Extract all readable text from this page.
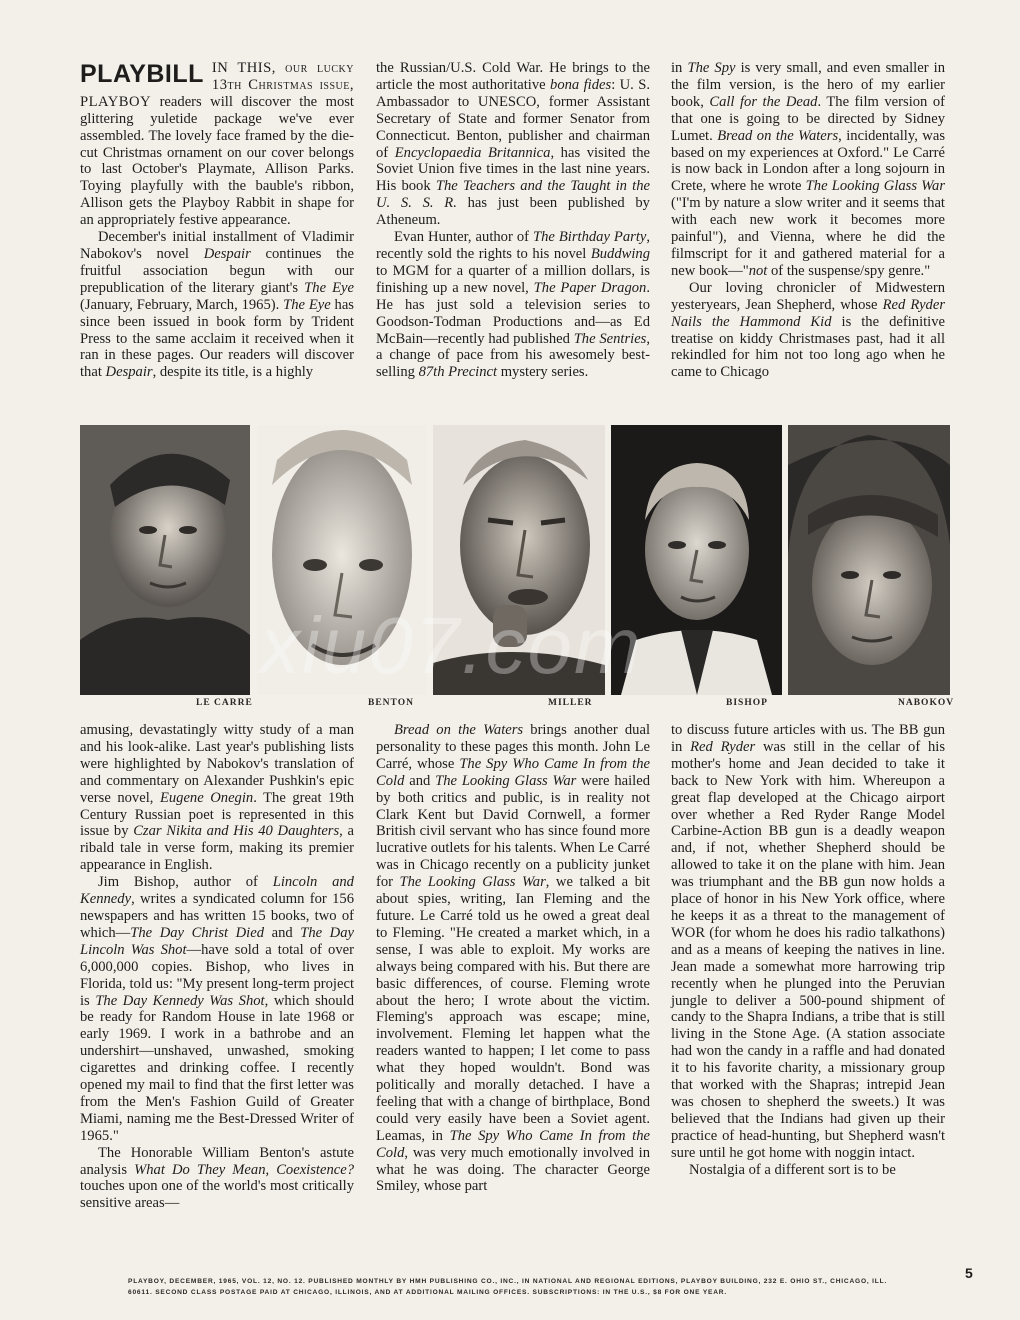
PLAYBILL IN THIS, our lucky 13th Christmas issue, PLAYBOY readers will discover the most glittering yuletide package we've ever assembled. The lovely face framed by the die-cut Christmas ornament on our cover belongs to last October's Playmate, Allison Parks. Toying playfully with the bauble's ribbon, Allison gets the Playboy Rabbit in shape for an appropriately festive appearance.

December's initial installment of Vladimir Nabokov's novel Despair continues the fruitful association begun with our prepublication of the literary giant's The Eye (January, February, March, 1965). The Eye has since been issued in book form by Trident Press to the same acclaim it received when it ran in these pages. Our readers will discover that Despair, despite its title, is a highly

the Russian/U.S. Cold War. He brings to the article the most authoritative bona fides: U. S. Ambassador to UNESCO, former Assistant Secretary of State and former Senator from Connecticut. Benton, publisher and chairman of Encyclopaedia Britannica, has visited the Soviet Union five times in the last nine years. His book The Teachers and the Taught in the U. S. S. R. has just been published by Atheneum.

Evan Hunter, author of The Birthday Party, recently sold the rights to his novel Buddwing to MGM for a quarter of a million dollars, is finishing up a new novel, The Paper Dragon. He has just sold a television series to Goodson-Todman Productions and—as Ed McBain—recently had published The Sentries, a change of pace from his awesomely best-selling 87th Precinct mystery series.

in The Spy is very small, and even smaller in the film version, is the hero of my earlier book, Call for the Dead. The film version of that one is going to be directed by Sidney Lumet. Bread on the Waters, incidentally, was based on my experiences at Oxford." Le Carré is now back in London after a long sojourn in Crete, where he wrote The Looking Glass War ("I'm by nature a slow writer and it seems that with each new work it becomes more painful"), and Vienna, where he did the filmscript for it and gathered material for a new book—"not of the suspense/spy genre."

Our loving chronicler of Midwestern yesteryears, Jean Shepherd, whose Red Ryder Nails the Hammond Kid is the definitive treatise on kiddy Christmases past, had it all rekindled for him not too long ago when he came to Chicago

xiu07.com
LE CARRE	BENTON	MILLER	BISHOP	NABOKOV

amusing, devastatingly witty study of a man and his look-alike. Last year's publishing lists were highlighted by Nabokov's translation of and commentary on Alexander Pushkin's epic verse novel, Eugene Onegin. The great 19th Century Russian poet is represented in this issue by Czar Nikita and His 40 Daughters, a ribald tale in verse form, making its premier appearance in English.

Jim Bishop, author of Lincoln and Kennedy, writes a syndicated column for 156 newspapers and has written 15 books, two of which—The Day Christ Died and The Day Lincoln Was Shot—have sold a total of over 6,000,000 copies. Bishop, who lives in Florida, told us: "My present long-term project is The Day Kennedy Was Shot, which should be ready for Random House in late 1968 or early 1969. I work in a bathrobe and an undershirt—unshaved, unwashed, smoking cigarettes and drinking coffee. I recently opened my mail to find that the first letter was from the Men's Fashion Guild of Greater Miami, naming me the Best-Dressed Writer of 1965."

The Honorable William Benton's astute analysis What Do They Mean, Coexistence? touches upon one of the world's most critically sensitive areas—

Bread on the Waters brings another dual personality to these pages this month. John Le Carré, whose The Spy Who Came In from the Cold and The Looking Glass War were hailed by both critics and public, is in reality not Clark Kent but David Cornwell, a former British civil servant who has since found more lucrative outlets for his talents. When Le Carré was in Chicago recently on a publicity junket for The Looking Glass War, we talked a bit about spies, writing, Ian Fleming and the future. Le Carré told us he owed a great deal to Fleming. "He created a market which, in a sense, I was able to exploit. My works are always being compared with his. But there are basic differences, of course. Fleming wrote about the hero; I wrote about the victim. Fleming's approach was escape; mine, involvement. Fleming let happen what the readers wanted to happen; I let come to pass what they hoped wouldn't. Bond was politically and morally detached. I have a feeling that with a change of birthplace, Bond could very easily have been a Soviet agent. Leamas, in The Spy Who Came In from the Cold, was very much emotionally involved in what he was doing. The character George Smiley, whose part

to discuss future articles with us. The BB gun in Red Ryder was still in the cellar of his mother's home and Jean decided to take it back to New York with him. Whereupon a great flap developed at the Chicago airport over whether a Red Ryder Range Model Carbine-Action BB gun is a deadly weapon and, if not, whether Shepherd should be allowed to take it on the plane with him. Jean was triumphant and the BB gun now holds a place of honor in his New York office, where he keeps it as a threat to the management of WOR (for whom he does his radio talkathons) and as a means of keeping the natives in line. Jean made a somewhat more harrowing trip recently when he plunged into the Peruvian jungle to deliver a 500-pound shipment of candy to the Shapra Indians, a tribe that is still living in the Stone Age. (A station associate had won the candy in a raffle and had donated it to his favorite charity, a missionary group that worked with the Shapras; intrepid Jean was chosen to shepherd the sweets.) It was believed that the Indians had given up their practice of head-hunting, but Shepherd wasn't sure until he got home with noggin intact.

Nostalgia of a different sort is to be

PLAYBOY, DECEMBER, 1965, VOL. 12, NO. 12. PUBLISHED MONTHLY BY HMH PUBLISHING CO., INC., IN NATIONAL AND REGIONAL EDITIONS, PLAYBOY BUILDING, 232 E. OHIO ST., CHICAGO, ILL. 60611. SECOND CLASS POSTAGE PAID AT CHICAGO, ILLINOIS, AND AT ADDITIONAL MAILING OFFICES. SUBSCRIPTIONS: IN THE U.S., $8 FOR ONE YEAR.
5
